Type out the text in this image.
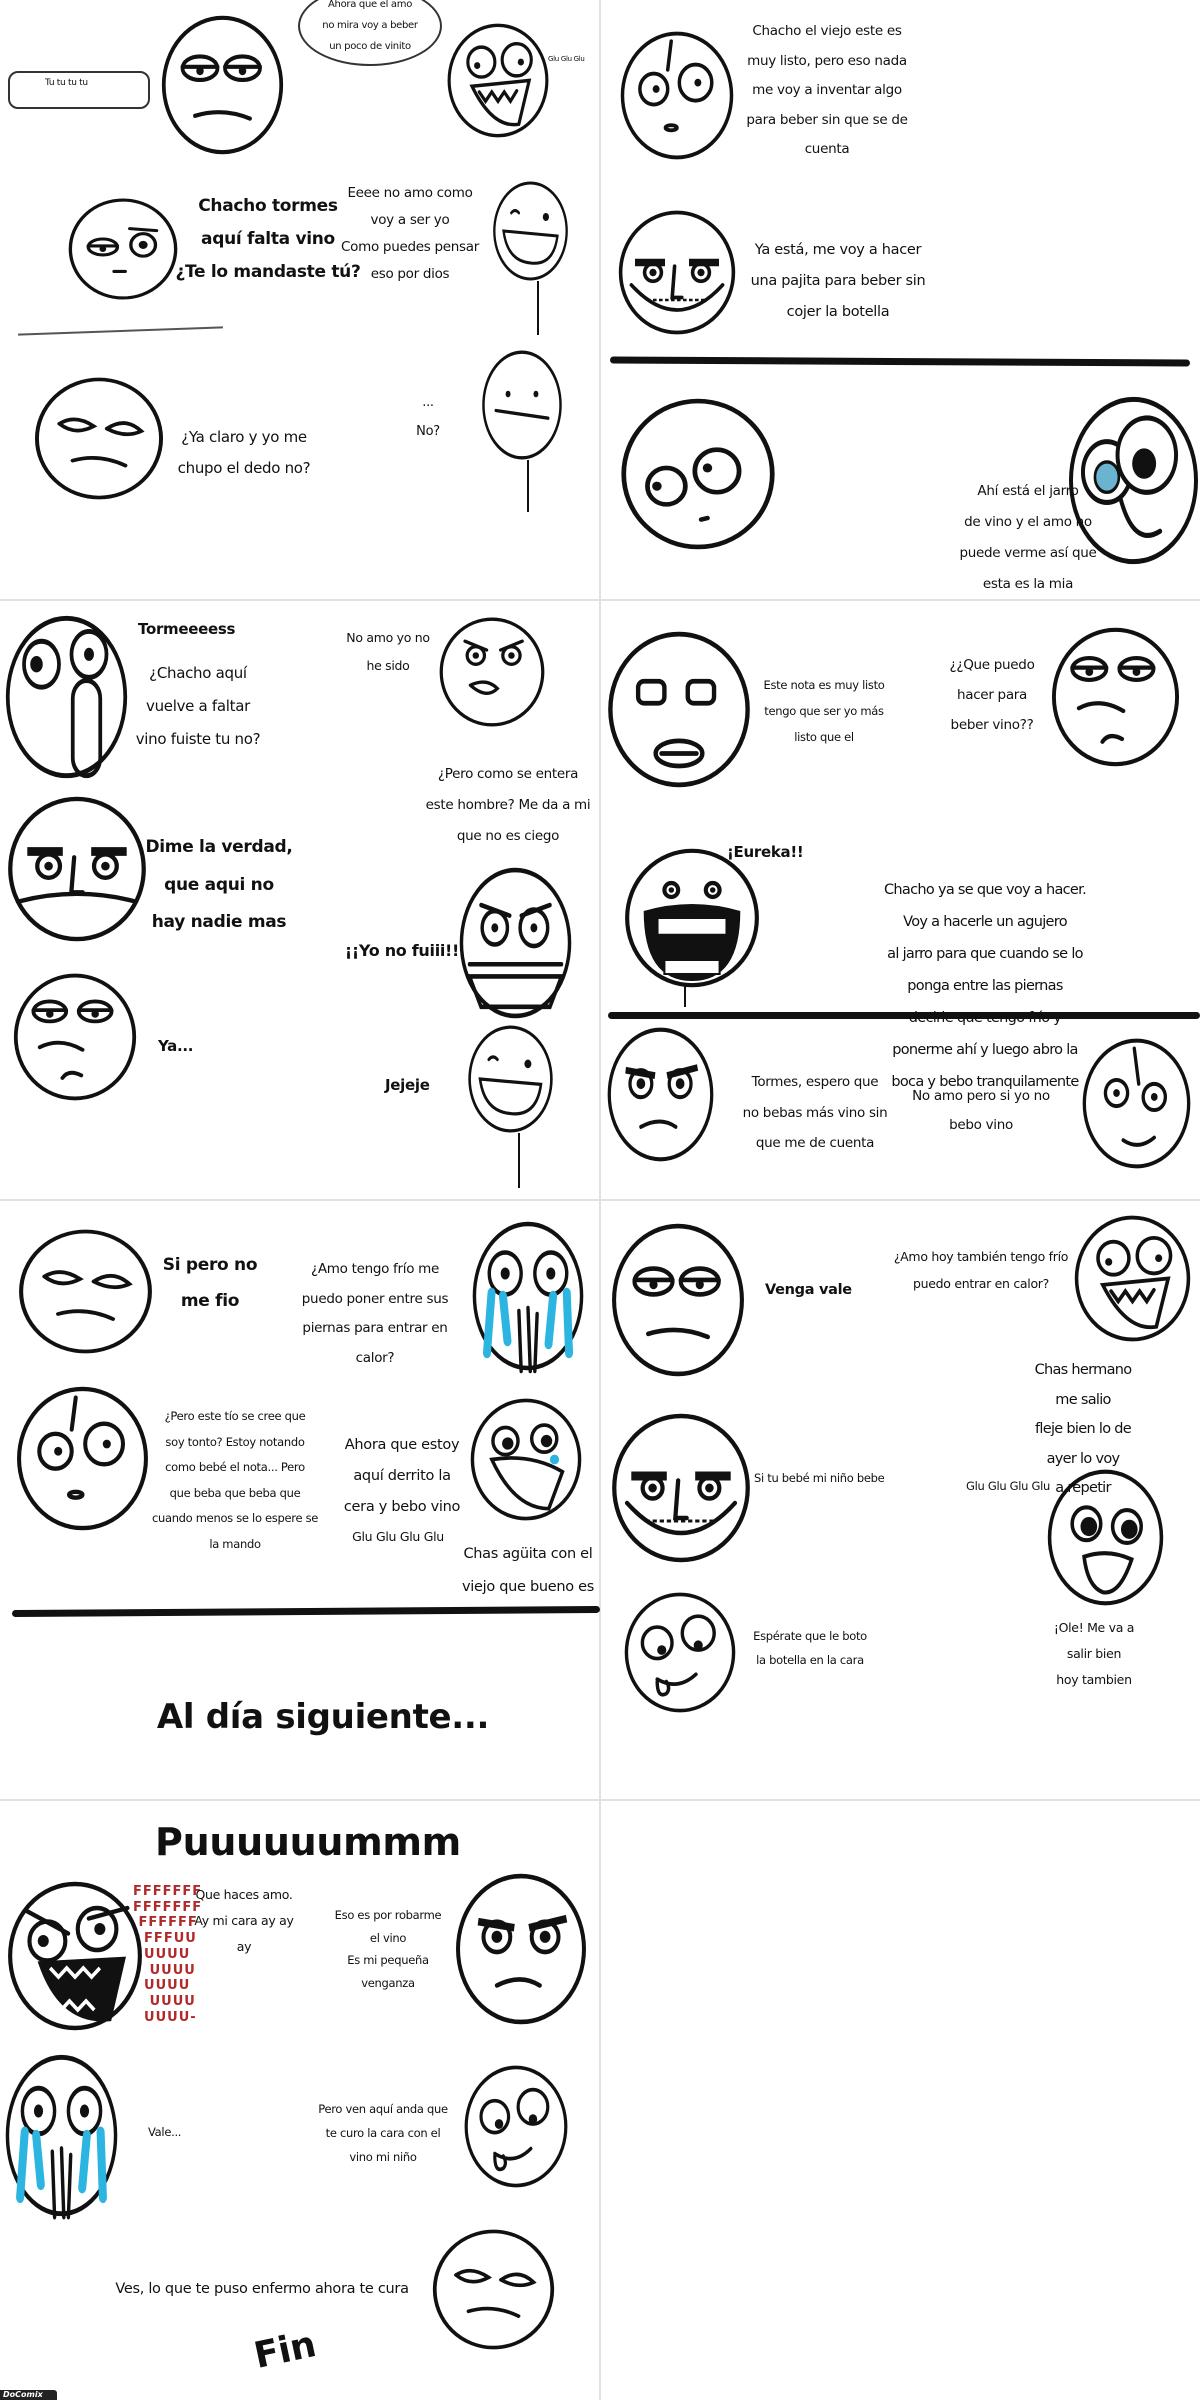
Tu tu tu tu
Ahora que el amo
no mira voy a beber
un poco de vinito
Glu Glu Glu
Chacho tormes
aquí falta vino
¿Te lo mandaste tú?
Eeee no amo como
voy a ser yo
Como puedes pensar
eso por dios
¿Ya claro y yo me
chupo el dedo no?
...
No?
Chacho el viejo este es
muy listo, pero eso nada
me voy a inventar algo
para beber sin que se de
cuenta
Ya está, me voy a hacer
una pajita para beber sin
cojer la botella
Ahí está el jarro
de vino y el amo no
puede verme así que
esta es la mia
Tormeeeess
¿Chacho aquí
vuelve a faltar
vino fuiste tu no?
No amo yo no
he sido
¿Pero como se entera
este hombre? Me da a mi
que no es ciego
Dime la verdad,
que aqui no
hay nadie mas
¡¡Yo no fuiii!!
Ya...
Jejeje
Este nota es muy listo
tengo que ser yo más
listo que el
¿¿Que puedo
hacer para
beber vino??
¡Eureka!!
Chacho ya se que voy a hacer. Voy a hacerle un agujero
al jarro para que cuando se lo ponga entre las piernas
decirle que tengo frío y ponerme ahí y luego abro la
boca y bebo tranquilamente
Tormes, espero que
no bebas más vino sin
que me de cuenta
No amo pero si yo no
bebo vino
Si pero no
me fio
¿Amo tengo frío me
puedo poner entre sus
piernas para entrar en
calor?
¿Pero este tío se cree que
soy tonto? Estoy notando
como bebé el nota... Pero
que beba que beba que
cuando menos se lo espere se
la mando
Ahora que estoy
aquí derrito la
cera y bebo vino
Glu Glu Glu Glu
Chas agüita con el
viejo que bueno es
Al día siguiente...
Venga vale
¿Amo hoy también tengo frío
puedo entrar en calor?
Chas hermano me salio
fleje bien lo de ayer lo voy
a repetir
Si tu bebé mi niño bebe
Glu Glu Glu Glu
¡Ole! Me va a salir bien
hoy tambien
Espérate que le boto
la botella en la cara
Puuuuuummm
FFFFFFF
FFFFFFF
FFFFFF
FFFUU
UUUU
UUUU
UUUU
UUUU
UUUU-
Que haces amo.
Ay mi cara ay ay
ay
Eso es por robarme
el vino
Es mi pequeña
venganza
Vale...
Pero ven aquí anda que
te curo la cara con el
vino mi niño
Ves, lo que te puso enfermo ahora te cura
Fin
DoComix
